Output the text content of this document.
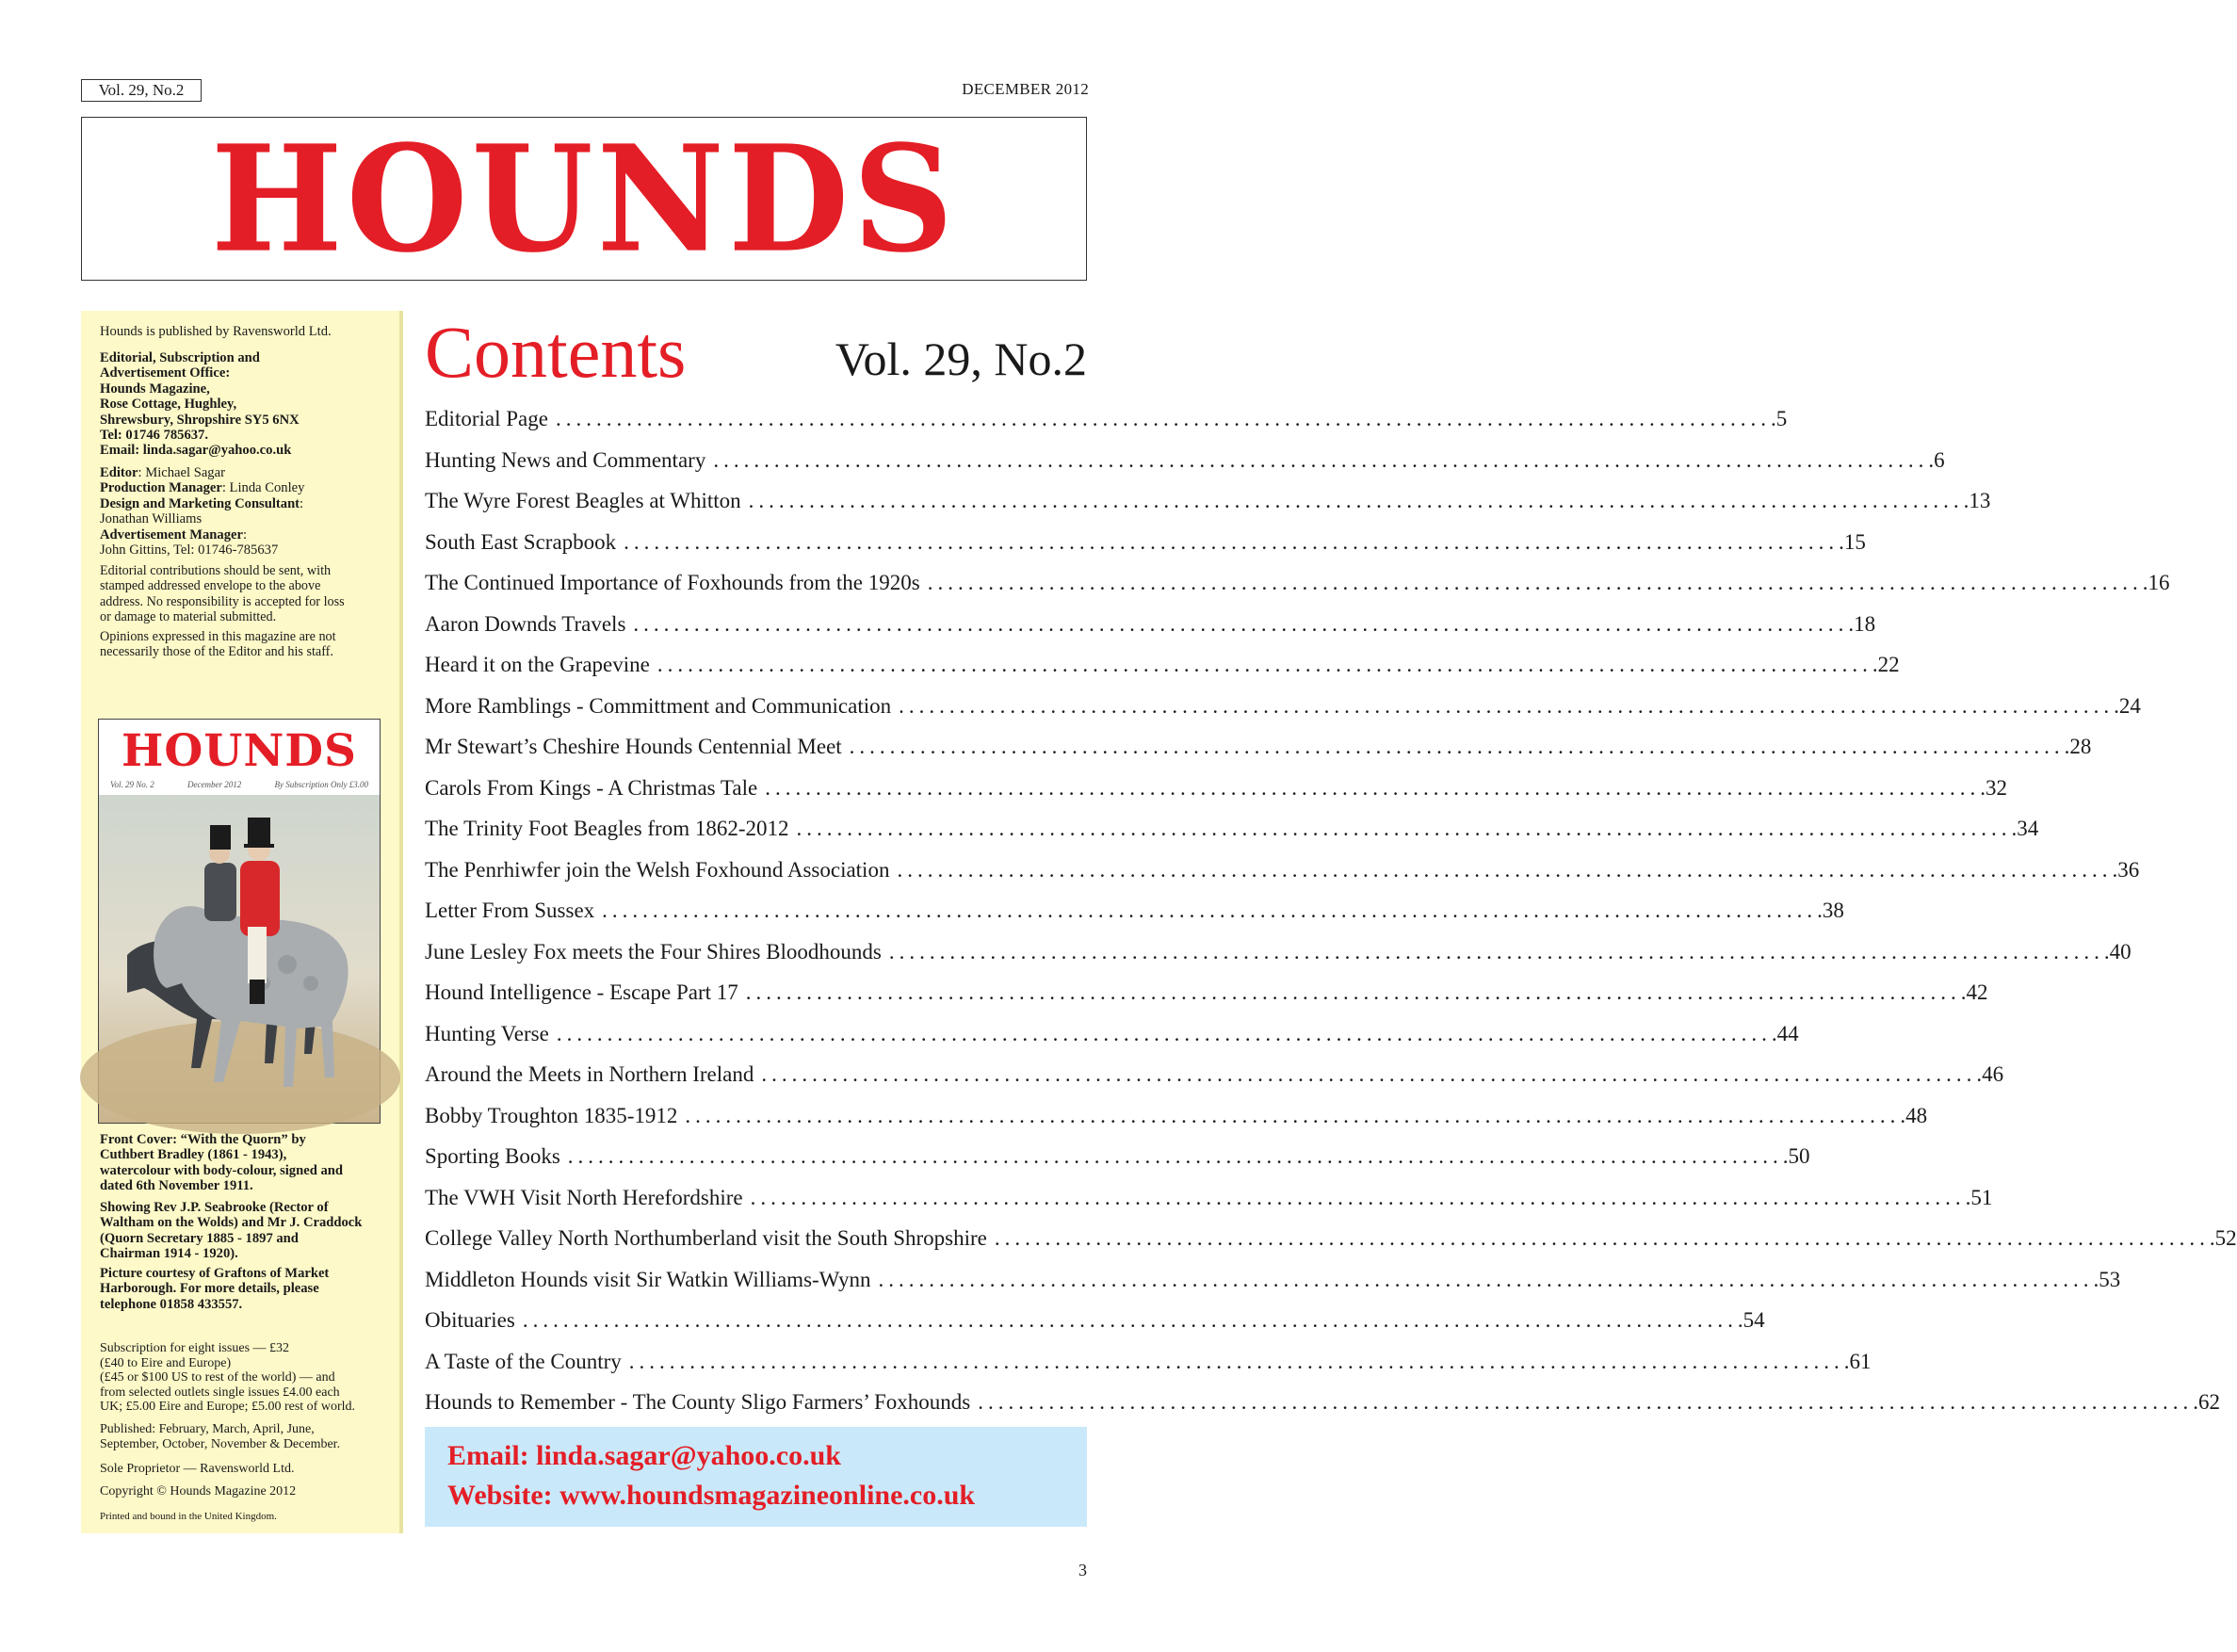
Vol. 29, No.2	DECEMBER 2012
HOUNDS
Hounds is published by Ravensworld Ltd.

Editorial, Subscription and

Advertisement Office:

Hounds Magazine,

Rose Cottage, Hughley,

Shrewsbury, Shropshire SY5 6NX

Tel: 01746 785637.

Email: linda.sagar@yahoo.co.uk

Editor: Michael Sagar

Production Manager: Linda Conley

Design and Marketing Consultant:

Jonathan Williams

Advertisement Manager:

John Gittins, Tel: 01746-785637

Editorial contributions should be sent, with

stamped addressed envelope to the above

address. No responsibility is accepted for loss

or damage to material submitted.

Opinions expressed in this magazine are not

necessarily those of the Editor and his staff.

Front Cover: “With the Quorn” by

Cuthbert Bradley (1861 - 1943),

watercolour with body-colour, signed and

dated 6th November 1911.

Showing Rev J.P. Seabrooke (Rector of

Waltham on the Wolds) and Mr J. Craddock

(Quorn Secretary 1885 - 1897 and

Chairman 1914 - 1920).

Picture courtesy of Graftons of Market

Harborough. For more details, please

telephone 01858 433557.

Subscription for eight issues — £32

(£40 to Eire and Europe)

(£45 or $100 US to rest of the world) — and

from selected outlets single issues £4.00 each

UK; £5.00 Eire and Europe; £5.00 rest of world.

Published: February, March, April, June,

September, October, November & December.

Sole Proprietor — Ravensworld Ltd.
Copyright © Hounds Magazine 2012
Printed and bound in the United Kingdom.
HOUNDS
Vol. 29 No. 2	December 2012	By Subscription Only £3.00
Contents	Vol. 29, No.2
Editorial Page ........................................................................................................................ .5
Hunting News and Commentary ........................................................................................................................ .6
The Wyre Forest Beagles at Whitton ........................................................................................................................ .13
South East Scrapbook ........................................................................................................................ .15
The Continued Importance of Foxhounds from the 1920s ........................................................................................................................ .16
Aaron Downds Travels ........................................................................................................................ .18
Heard it on the Grapevine ........................................................................................................................ .22
More Ramblings - Committment and Communication ........................................................................................................................ .24
Mr Stewart’s Cheshire Hounds Centennial Meet ........................................................................................................................ .28
Carols From Kings - A Christmas Tale ........................................................................................................................ .32
The Trinity Foot Beagles from 1862-2012 ........................................................................................................................ .34
The Penrhiwfer join the Welsh Foxhound Association ........................................................................................................................ .36
Letter From Sussex ........................................................................................................................ .38
June Lesley Fox meets the Four Shires Bloodhounds ........................................................................................................................ .40
Hound Intelligence - Escape Part 17 ........................................................................................................................ .42
Hunting Verse ........................................................................................................................ .44
Around the Meets in Northern Ireland ........................................................................................................................ .46
Bobby Troughton 1835-1912 ........................................................................................................................ .48
Sporting Books ........................................................................................................................ .50
The VWH Visit North Herefordshire ........................................................................................................................ .51
College Valley North Northumberland visit the South Shropshire ........................................................................................................................ .52
Middleton Hounds visit Sir Watkin Williams-Wynn ........................................................................................................................ .53
Obituaries ........................................................................................................................ .54
A Taste of the Country ........................................................................................................................ .61
Hounds to Remember - The County Sligo Farmers’ Foxhounds ........................................................................................................................ .62
Email: linda.sagar@yahoo.co.uk
Website: www.houndsmagazineonline.co.uk
3
